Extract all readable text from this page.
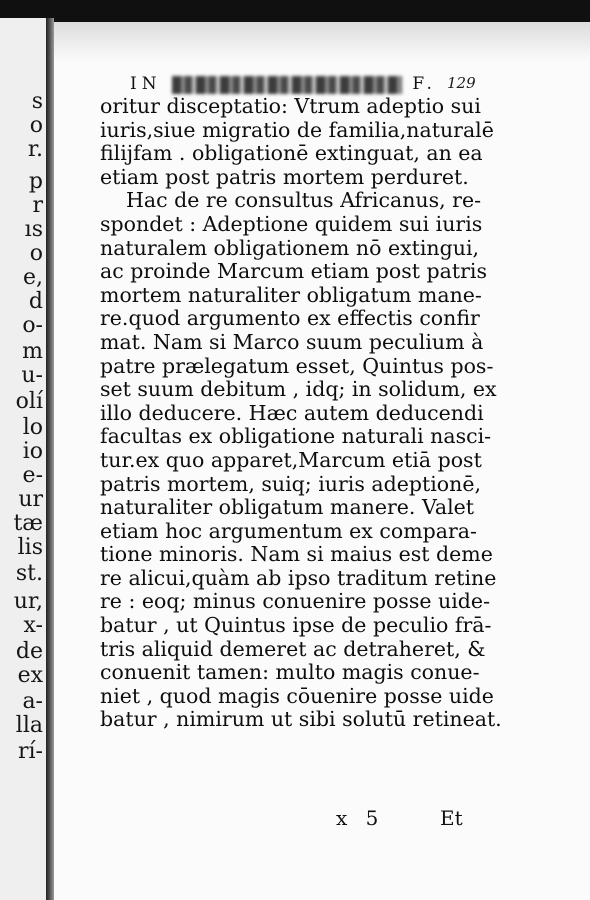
s
o
r.
p
r
ıs
o
e,
d
o-
m
u-
olí
lo
io
e-
ur
tæ
lis
st.
ur,
x-
de
ex
a-
lla
rí-
IN	F. 129
oritur disceptatio: Vtrum adeptio sui
iuris,siue migratio de familia,naturalē
filijfam . obligationē extinguat, an ea
etiam post patris mortem perduret.
Hac de re consultus Africanus, re-
spondet : Adeptione quidem sui iuris
naturalem obligationem nō extingui,
ac proinde Marcum etiam post patris
mortem naturaliter obligatum mane-
re.quod argumento ex effectis confir
mat. Nam si Marco suum peculium à
patre prælegatum esset, Quintus pos-
set suum debitum , idq; in solidum, ex
illo deducere. Hæc autem deducendi
facultas ex obligatione naturali nasci-
tur.ex quo apparet,Marcum etiā post
patris mortem, suiq; iuris adeptionē,
naturaliter obligatum manere. Valet
etiam hoc argumentum ex compara-
tione minoris. Nam si maius est deme
re alicui,quàm ab ipso traditum retine
re : eoq; minus conuenire posse uide-
batur , ut Quintus ipse de peculio frā-
tris aliquid demeret ac detraheret, &
conuenit tamen: multo magis conue-
niet , quod magis cōuenire posse uide
batur , nimirum ut sibi solutū retineat.
x 5	Et
